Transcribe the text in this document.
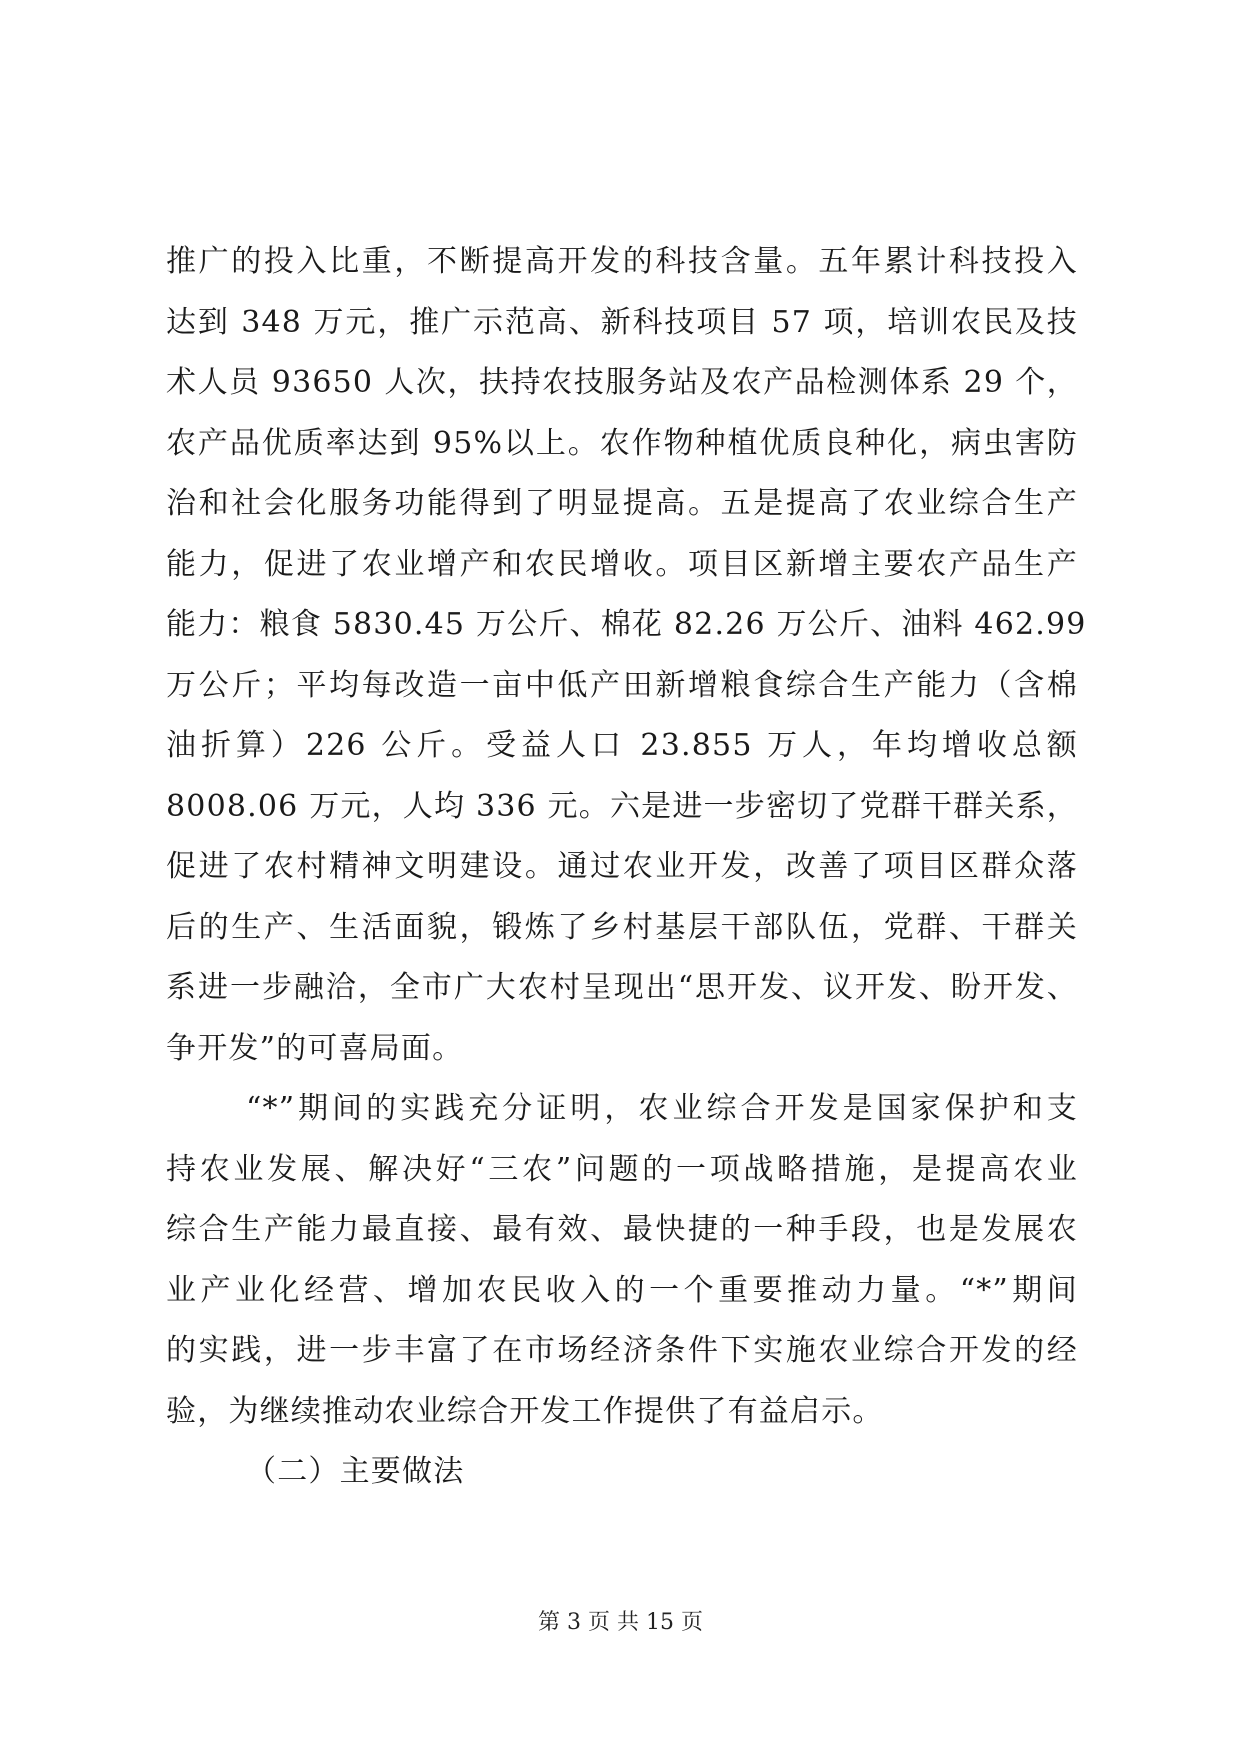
推广的投入比重，不断提高开发的科技含量。五年累计科技投入
达到 348 万元，推广示范高、新科技项目 57 项，培训农民及技
术人员 93650 人次，扶持农技服务站及农产品检测体系 29 个，
农产品优质率达到 95%以上。农作物种植优质良种化，病虫害防
治和社会化服务功能得到了明显提高。五是提高了农业综合生产
能力，促进了农业增产和农民增收。项目区新增主要农产品生产
能力：粮食 5830.45 万公斤、棉花 82.26 万公斤、油料 462.99
万公斤；平均每改造一亩中低产田新增粮食综合生产能力（含棉
油折算）226 公斤。受益人口 23.855 万人，年均增收总额
8008.06 万元，人均 336 元。六是进一步密切了党群干群关系，
促进了农村精神文明建设。通过农业开发，改善了项目区群众落
后的生产、生活面貌，锻炼了乡村基层干部队伍，党群、干群关
系进一步融洽，全市广大农村呈现出“思开发、议开发、盼开发、
争开发”的可喜局面。
“*”期间的实践充分证明，农业综合开发是国家保护和支
持农业发展、解决好“三农”问题的一项战略措施，是提高农业
综合生产能力最直接、最有效、最快捷的一种手段，也是发展农
业产业化经营、增加农民收入的一个重要推动力量。“*”期间
的实践，进一步丰富了在市场经济条件下实施农业综合开发的经
验，为继续推动农业综合开发工作提供了有益启示。
（二）主要做法
第 3 页 共 15 页
